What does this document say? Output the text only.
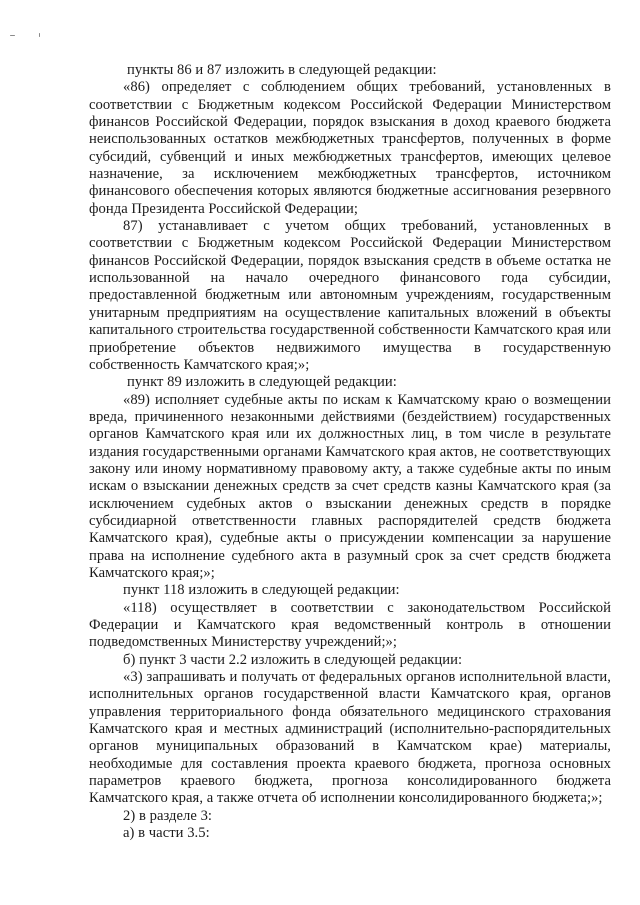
пункты 86 и 87 изложить в следующей редакции:

«86) определяет с соблюдением общих требований, установленных в соответствии с Бюджетным кодексом Российской Федерации Министерством финансов Российской Федерации, порядок взыскания в доход краевого бюджета неиспользованных остатков межбюджетных трансфертов, полученных в форме субсидий, субвенций и иных межбюджетных трансфертов, имеющих целевое назначение, за исключением межбюджетных трансфертов, источником финансового обеспечения которых являются бюджетные ассигнования резервного фонда Президента Российской Федерации;

87) устанавливает с учетом общих требований, установленных в соответствии с Бюджетным кодексом Российской Федерации Министерством финансов Российской Федерации, порядок взыскания средств в объеме остатка не использованной на начало очередного финансового года субсидии, предоставленной бюджетным или автономным учреждениям, государственным унитарным предприятиям на осуществление капитальных вложений в объекты капитального строительства государственной собственности Камчатского края или приобретение объектов недвижимого имущества в государственную собственность Камчатского края;»;

пункт 89 изложить в следующей редакции:

«89) исполняет судебные акты по искам к Камчатскому краю о возмещении вреда, причиненного незаконными действиями (бездействием) государственных органов Камчатского края или их должностных лиц, в том числе в результате издания государственными органами Камчатского края актов, не соответствующих закону или иному нормативному правовому акту, а также судебные акты по иным искам о взыскании денежных средств за счет средств казны Камчатского края (за исключением судебных актов о взыскании денежных средств в порядке субсидиарной ответственности главных распорядителей средств бюджета Камчатского края), судебные акты о присуждении компенсации за нарушение права на исполнение судебного акта в разумный срок за счет средств бюджета Камчатского края;»;

пункт 118 изложить в следующей редакции:

«118) осуществляет в соответствии с законодательством Российской Федерации и Камчатского края ведомственный контроль в отношении подведомственных Министерству учреждений;»;

б) пункт 3 части 2.2 изложить в следующей редакции:

«3) запрашивать и получать от федеральных органов исполнительной власти, исполнительных органов государственной власти Камчатского края, органов управления территориального фонда обязательного медицинского страхования Камчатского края и местных администраций (исполнительно-распорядительных органов муниципальных образований в Камчатском крае) материалы, необходимые для составления проекта краевого бюджета, прогноза основных параметров краевого бюджета, прогноза консолидированного бюджета Камчатского края, а также отчета об исполнении консолидированного бюджета;»;

2) в разделе 3:

а) в части 3.5:
